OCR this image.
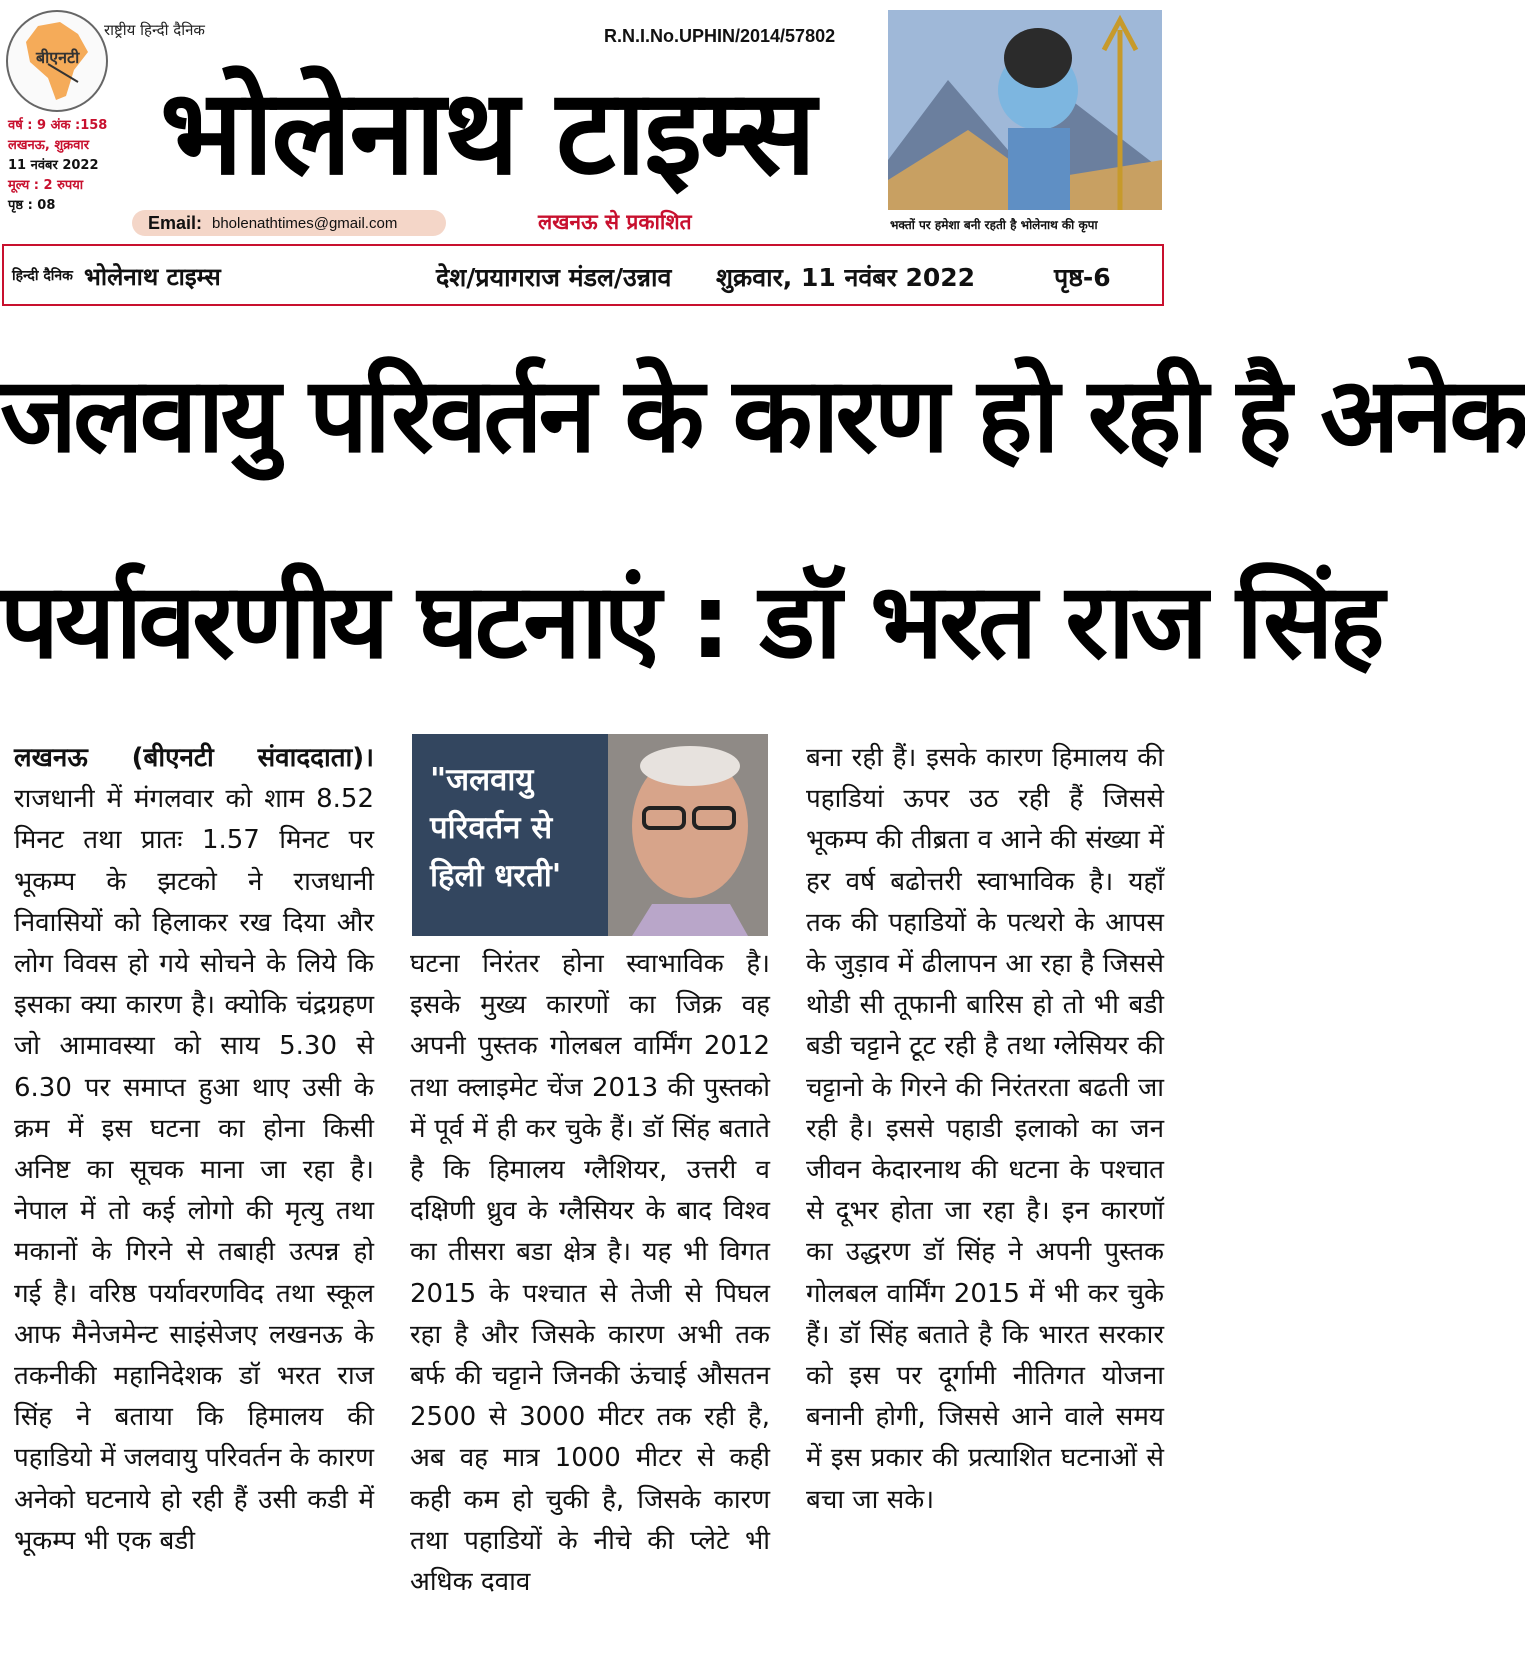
बीएनटी
राष्ट्रीय हिन्दी दैनिक	R.N.I.No.UPHIN/2014/57802
वर्ष : 9 अंक :158
लखनऊ, शुक्रवार
11 नवंबर 2022
मूल्य : 2 रुपया
पृष्ठ : 08
भोलेनाथ टाइम्स
Email: bholenathtimes@gmail.com	लखनऊ से प्रकाशित	भक्तों पर हमेशा बनी रहती है भोलेनाथ की कृपा
हिन्दी दैनिक भोलेनाथ टाइम्स	देश/प्रयागराज मंडल/उन्नाव शुक्रवार, 11 नवंबर 2022	पृष्ठ-6
जलवायु परिवर्तन के कारण हो रही है अनेक
पर्यावरणीय घटनाएं : डॉ भरत राज सिंह

लखनऊ (बीएनटी संवाददाता)। राजधानी में मंगलवार को शाम 8.52 मिनट तथा प्रातः 1.57 मिनट पर भूकम्प के झटको ने राजधानी निवासियों को हिलाकर रख दिया और लोग विवस हो गये सोचने के लिये कि इसका क्या कारण है। क्योकि चंद्रग्रहण जो आमावस्या को साय 5.30 से 6.30 पर समाप्त हुआ थाए उसी के क्रम में इस घटना का होना किसी अनिष्ट का सूचक माना जा रहा है। नेपाल में तो कई लोगो की मृत्यु तथा मकानों के गिरने से तबाही उत्पन्न हो गई है। वरिष्ठ पर्यावरणविद तथा स्कूल आफ मैनेजमेन्ट साइंसेजए लखनऊ के तकनीकी महानिदेशक डॉ भरत राज सिंह ने बताया कि हिमालय की पहाडियो में जलवायु परिवर्तन के कारण अनेको घटनाये हो रही हैं उसी कडी में भूकम्प भी एक बडी

"जलवायु
परिवर्तन से
हिली धरती'

घटना निरंतर होना स्वाभाविक है। इसके मुख्य कारणों का जिक्र वह अपनी पुस्तक गोलबल वार्मिंग 2012 तथा क्लाइमेट चेंज 2013 की पुस्तको में पूर्व में ही कर चुके हैं। डॉ सिंह बताते है कि हिमालय ग्लैशियर, उत्तरी व दक्षिणी ध्रुव के ग्लैसियर के बाद विश्व का तीसरा बडा क्षेत्र है। यह भी विगत 2015 के पश्चात से तेजी से पिघल रहा है और जिसके कारण अभी तक बर्फ की चट्टाने जिनकी ऊंचाई औसतन 2500 से 3000 मीटर तक रही है, अब वह मात्र 1000 मीटर से कही कही कम हो चुकी है, जिसके कारण तथा पहाडियों के नीचे की प्लेटे भी अधिक दवाव

बना रही हैं। इसके कारण हिमालय की पहाडियां ऊपर उठ रही हैं जिससे भूकम्प की तीब्रता व आने की संख्या में हर वर्ष बढोत्तरी स्वाभाविक है। यहाँ तक की पहाडियों के पत्थरो के आपस के जुड़ाव में ढीलापन आ रहा है जिससे थोडी सी तूफानी बारिस हो तो भी बडी बडी चट्टाने टूट रही है तथा ग्लेसियर की चट्टानो के गिरने की निरंतरता बढती जा रही है। इससे पहाडी इलाको का जन जीवन केदारनाथ की धटना के पश्चात से दूभर होता जा रहा है। इन कारणॉ का उद्धरण डॉ सिंह ने अपनी पुस्तक गोलबल वार्मिंग 2015 में भी कर चुके हैं। डॉ सिंह बताते है कि भारत सरकार को इस पर दूर्गामी नीतिगत योजना बनानी होगी, जिससे आने वाले समय में इस प्रकार की प्रत्याशित घटनाओं से बचा जा सके।
